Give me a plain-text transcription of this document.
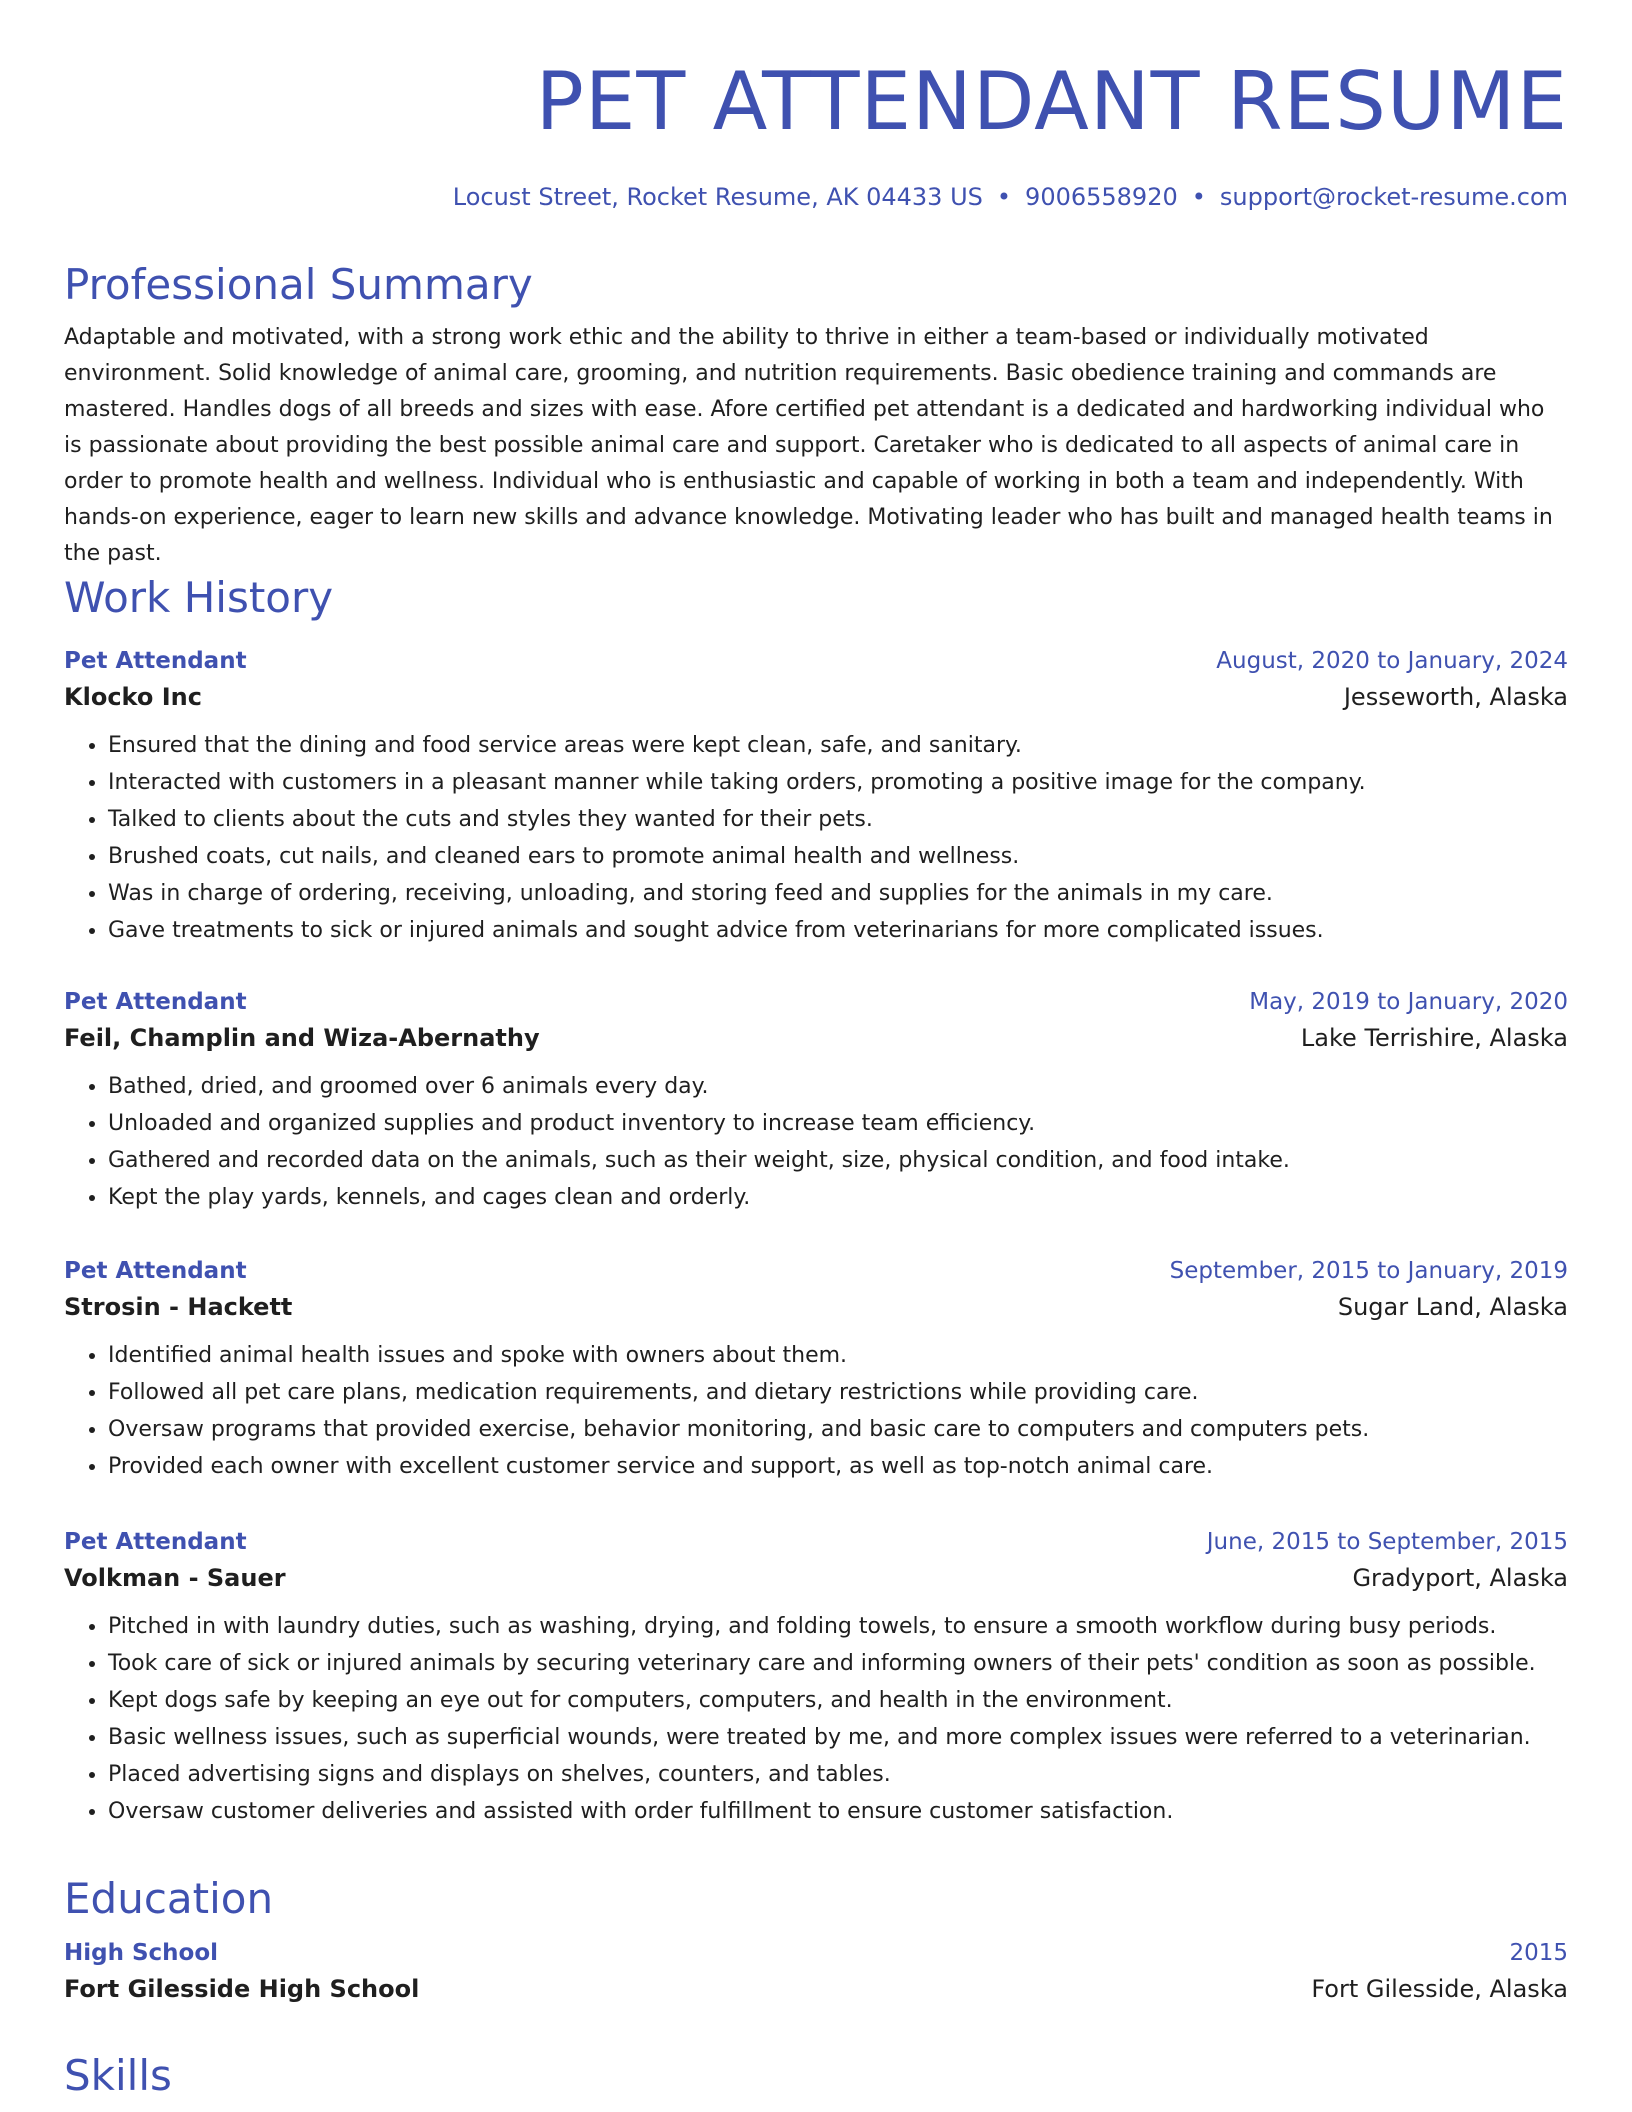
PET ATTENDANT RESUME
Locust Street, Rocket Resume, AK 04433 US • 9006558920 • support@rocket-resume.com
Professional Summary

Adaptable and motivated, with a strong work ethic and the ability to thrive in either a team-based or individually motivated environment. Solid knowledge of animal care, grooming, and nutrition requirements. Basic obedience training and commands are mastered. Handles dogs of all breeds and sizes with ease. Afore certified pet attendant is a dedicated and hardworking individual who is passionate about providing the best possible animal care and support. Caretaker who is dedicated to all aspects of animal care in order to promote health and wellness. Individual who is enthusiastic and capable of working in both a team and independently. With hands-on experience, eager to learn new skills and advance knowledge. Motivating leader who has built and managed health teams in the past.

Work History
Pet Attendant	August, 2020 to January, 2024
Klocko Inc	Jesseworth, Alaska
• Ensured that the dining and food service areas were kept clean, safe, and sanitary.
• Interacted with customers in a pleasant manner while taking orders, promoting a positive image for the company.
• Talked to clients about the cuts and styles they wanted for their pets.
• Brushed coats, cut nails, and cleaned ears to promote animal health and wellness.
• Was in charge of ordering, receiving, unloading, and storing feed and supplies for the animals in my care.
• Gave treatments to sick or injured animals and sought advice from veterinarians for more complicated issues.
Pet Attendant	May, 2019 to January, 2020
Feil, Champlin and Wiza-Abernathy	Lake Terrishire, Alaska
• Bathed, dried, and groomed over 6 animals every day.
• Unloaded and organized supplies and product inventory to increase team efficiency.
• Gathered and recorded data on the animals, such as their weight, size, physical condition, and food intake.
• Kept the play yards, kennels, and cages clean and orderly.
Pet Attendant	September, 2015 to January, 2019
Strosin - Hackett	Sugar Land, Alaska
• Identified animal health issues and spoke with owners about them.
• Followed all pet care plans, medication requirements, and dietary restrictions while providing care.
• Oversaw programs that provided exercise, behavior monitoring, and basic care to computers and computers pets.
• Provided each owner with excellent customer service and support, as well as top-notch animal care.
Pet Attendant	June, 2015 to September, 2015
Volkman - Sauer	Gradyport, Alaska
• Pitched in with laundry duties, such as washing, drying, and folding towels, to ensure a smooth workflow during busy periods.
• Took care of sick or injured animals by securing veterinary care and informing owners of their pets' condition as soon as possible.
• Kept dogs safe by keeping an eye out for computers, computers, and health in the environment.
• Basic wellness issues, such as superficial wounds, were treated by me, and more complex issues were referred to a veterinarian.
• Placed advertising signs and displays on shelves, counters, and tables.
• Oversaw customer deliveries and assisted with order fulfillment to ensure customer satisfaction.
Education
High School	2015
Fort Gilesside High School	Fort Gilesside, Alaska
Skills
